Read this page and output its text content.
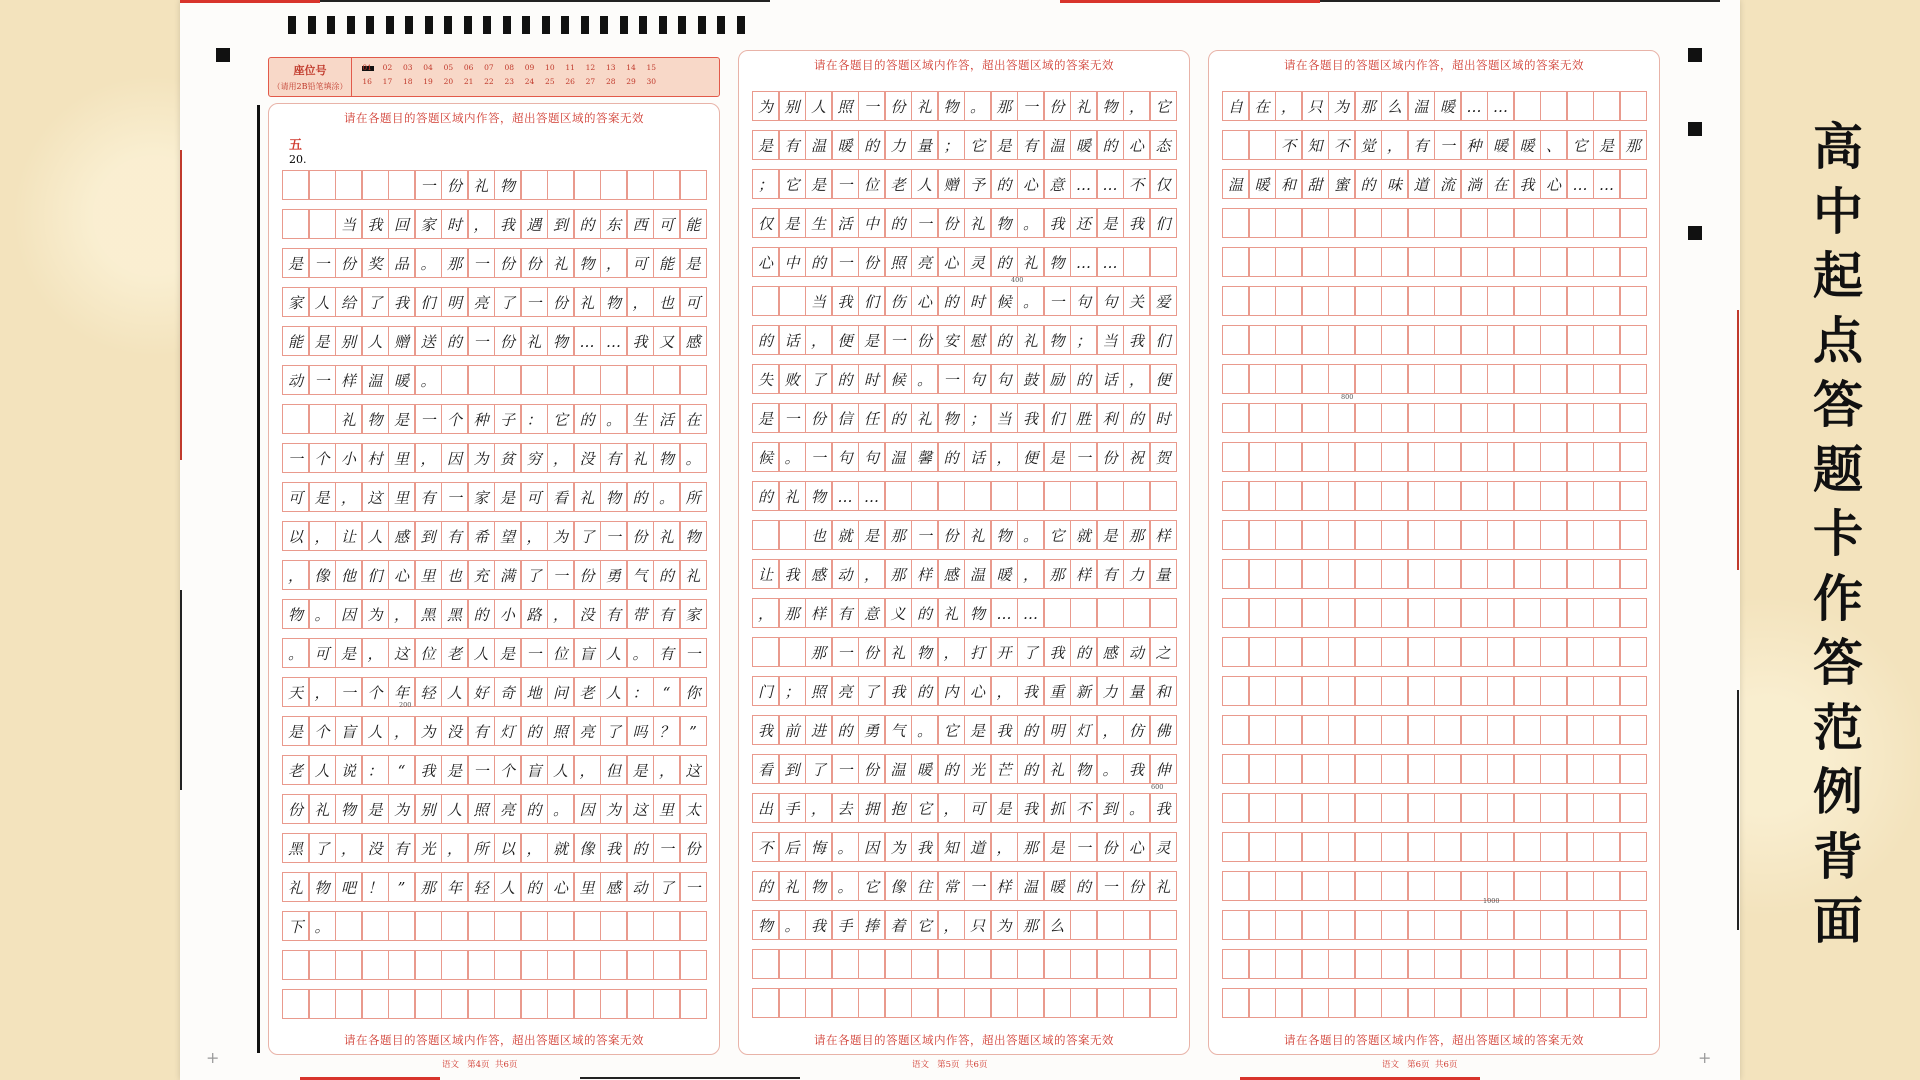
座位号
（请用2B铅笔填涂）
01	02	03	04	05	06	07	08	09	10	11	12	13	14	15
16	17	18	19	20	21	22	23	24	25	26	27	28	29	30
请在各题目的答题区域内作答，超出答题区域的答案无效
五
20.
一 份 礼 物
当 我 回 家 时 ， 我 遇 到 的 东 西 可 能
是 一 份 奖 品 。 那 一 份 份 礼 物 ， 可 能 是
家 人 给 了 我 们 明 亮 了 一 份 礼 物 ， 也 可
能 是 别 人 赠 送 的 一 份 礼 物 … … 我 又 感
动 一 样 温 暖 。
礼 物 是 一 个 种 子 ： 它 的 。 生 活 在
一 个 小 村 里 ， 因 为 贫 穷 ， 没 有 礼 物 。
可 是 ， 这 里 有 一 家 是 可 看 礼 物 的 。 所
以 ， 让 人 感 到 有 希 望 ， 为 了 一 份 礼 物
， 像 他 们 心 里 也 充 满 了 一 份 勇 气 的 礼
物 。 因 为 ， 黑 黑 的 小 路 ， 没 有 带 有 家
。 可 是 ， 这 位 老 人 是 一 位 盲 人 。 有 一
天 ， 一 个 年 轻 人 好 奇 地 问 老 人 ：	“	你
是 个 盲 人 ， 为 没 有 灯 的 照 亮 了 吗 ？	”
老 人 说 ：	“	我 是 一 个 盲 人 ， 但 是 ， 这
份 礼 物 是 为 别 人 照 亮 的 。 因 为 这 里 太
黑 了 ， 没 有 光 ， 所 以 ， 就 像 我 的 一 份
礼 物 吧 ！	”	那 年 轻 人 的 心 里 感 动 了 一
下 。
200
请在各题目的答题区域内作答，超出答题区域的答案无效
请在各题目的答题区域内作答，超出答题区域的答案无效
为 别 人 照 一 份 礼 物 。 那 一 份 礼 物 ， 它
是 有 温 暖 的 力 量 ； 它 是 有 温 暖 的 心 态
； 它 是 一 位 老 人 赠 予 的 心 意 … … 不 仅
仅 是 生 活 中 的 一 份 礼 物 。 我 还 是 我 们
心 中 的 一 份 照 亮 心 灵 的 礼 物 … …
当 我 们 伤 心 的 时 候 。 一 句 句 关 爱
的 话 ， 便 是 一 份 安 慰 的 礼 物 ； 当 我 们
失 败 了 的 时 候 。 一 句 句 鼓 励 的 话 ， 便
是 一 份 信 任 的 礼 物 ； 当 我 们 胜 利 的 时
候 。 一 句 句 温 馨 的 话 ， 便 是 一 份 祝 贺
的 礼 物 … …
也 就 是 那 一 份 礼 物 。 它 就 是 那 样
让 我 感 动 ， 那 样 感 温 暖 ， 那 样 有 力 量
， 那 样 有 意 义 的 礼 物 … …
那 一 份 礼 物 ， 打 开 了 我 的 感 动 之
门 ； 照 亮 了 我 的 内 心 ， 我 重 新 力 量 和
我 前 进 的 勇 气 。 它 是 我 的 明 灯 ， 仿 佛
看 到 了 一 份 温 暖 的 光 芒 的 礼 物 。 我 伸
出 手 ， 去 拥 抱 它 ， 可 是 我 抓 不 到 。 我
不 后 悔 。 因 为 我 知 道 ， 那 是 一 份 心 灵
的 礼 物 。 它 像 往 常 一 样 温 暖 的 一 份 礼
物 。 我 手 捧 着 它 ， 只 为 那 么
400
600
请在各题目的答题区域内作答，超出答题区域的答案无效
请在各题目的答题区域内作答，超出答题区域的答案无效
自 在 ， 只 为 那 么 温 暖 … …
不 知 不 觉 ， 有 一 种 暖 暖 、 它 是 那
温 暖 和 甜 蜜 的 味 道 流 淌 在 我 心 … …
800
1000
请在各题目的答题区域内作答，超出答题区域的答案无效
语文 第4页 共6页	语文 第5页 共6页	语文 第6页 共6页
+	+
高中起点答题卡作答范例背面
